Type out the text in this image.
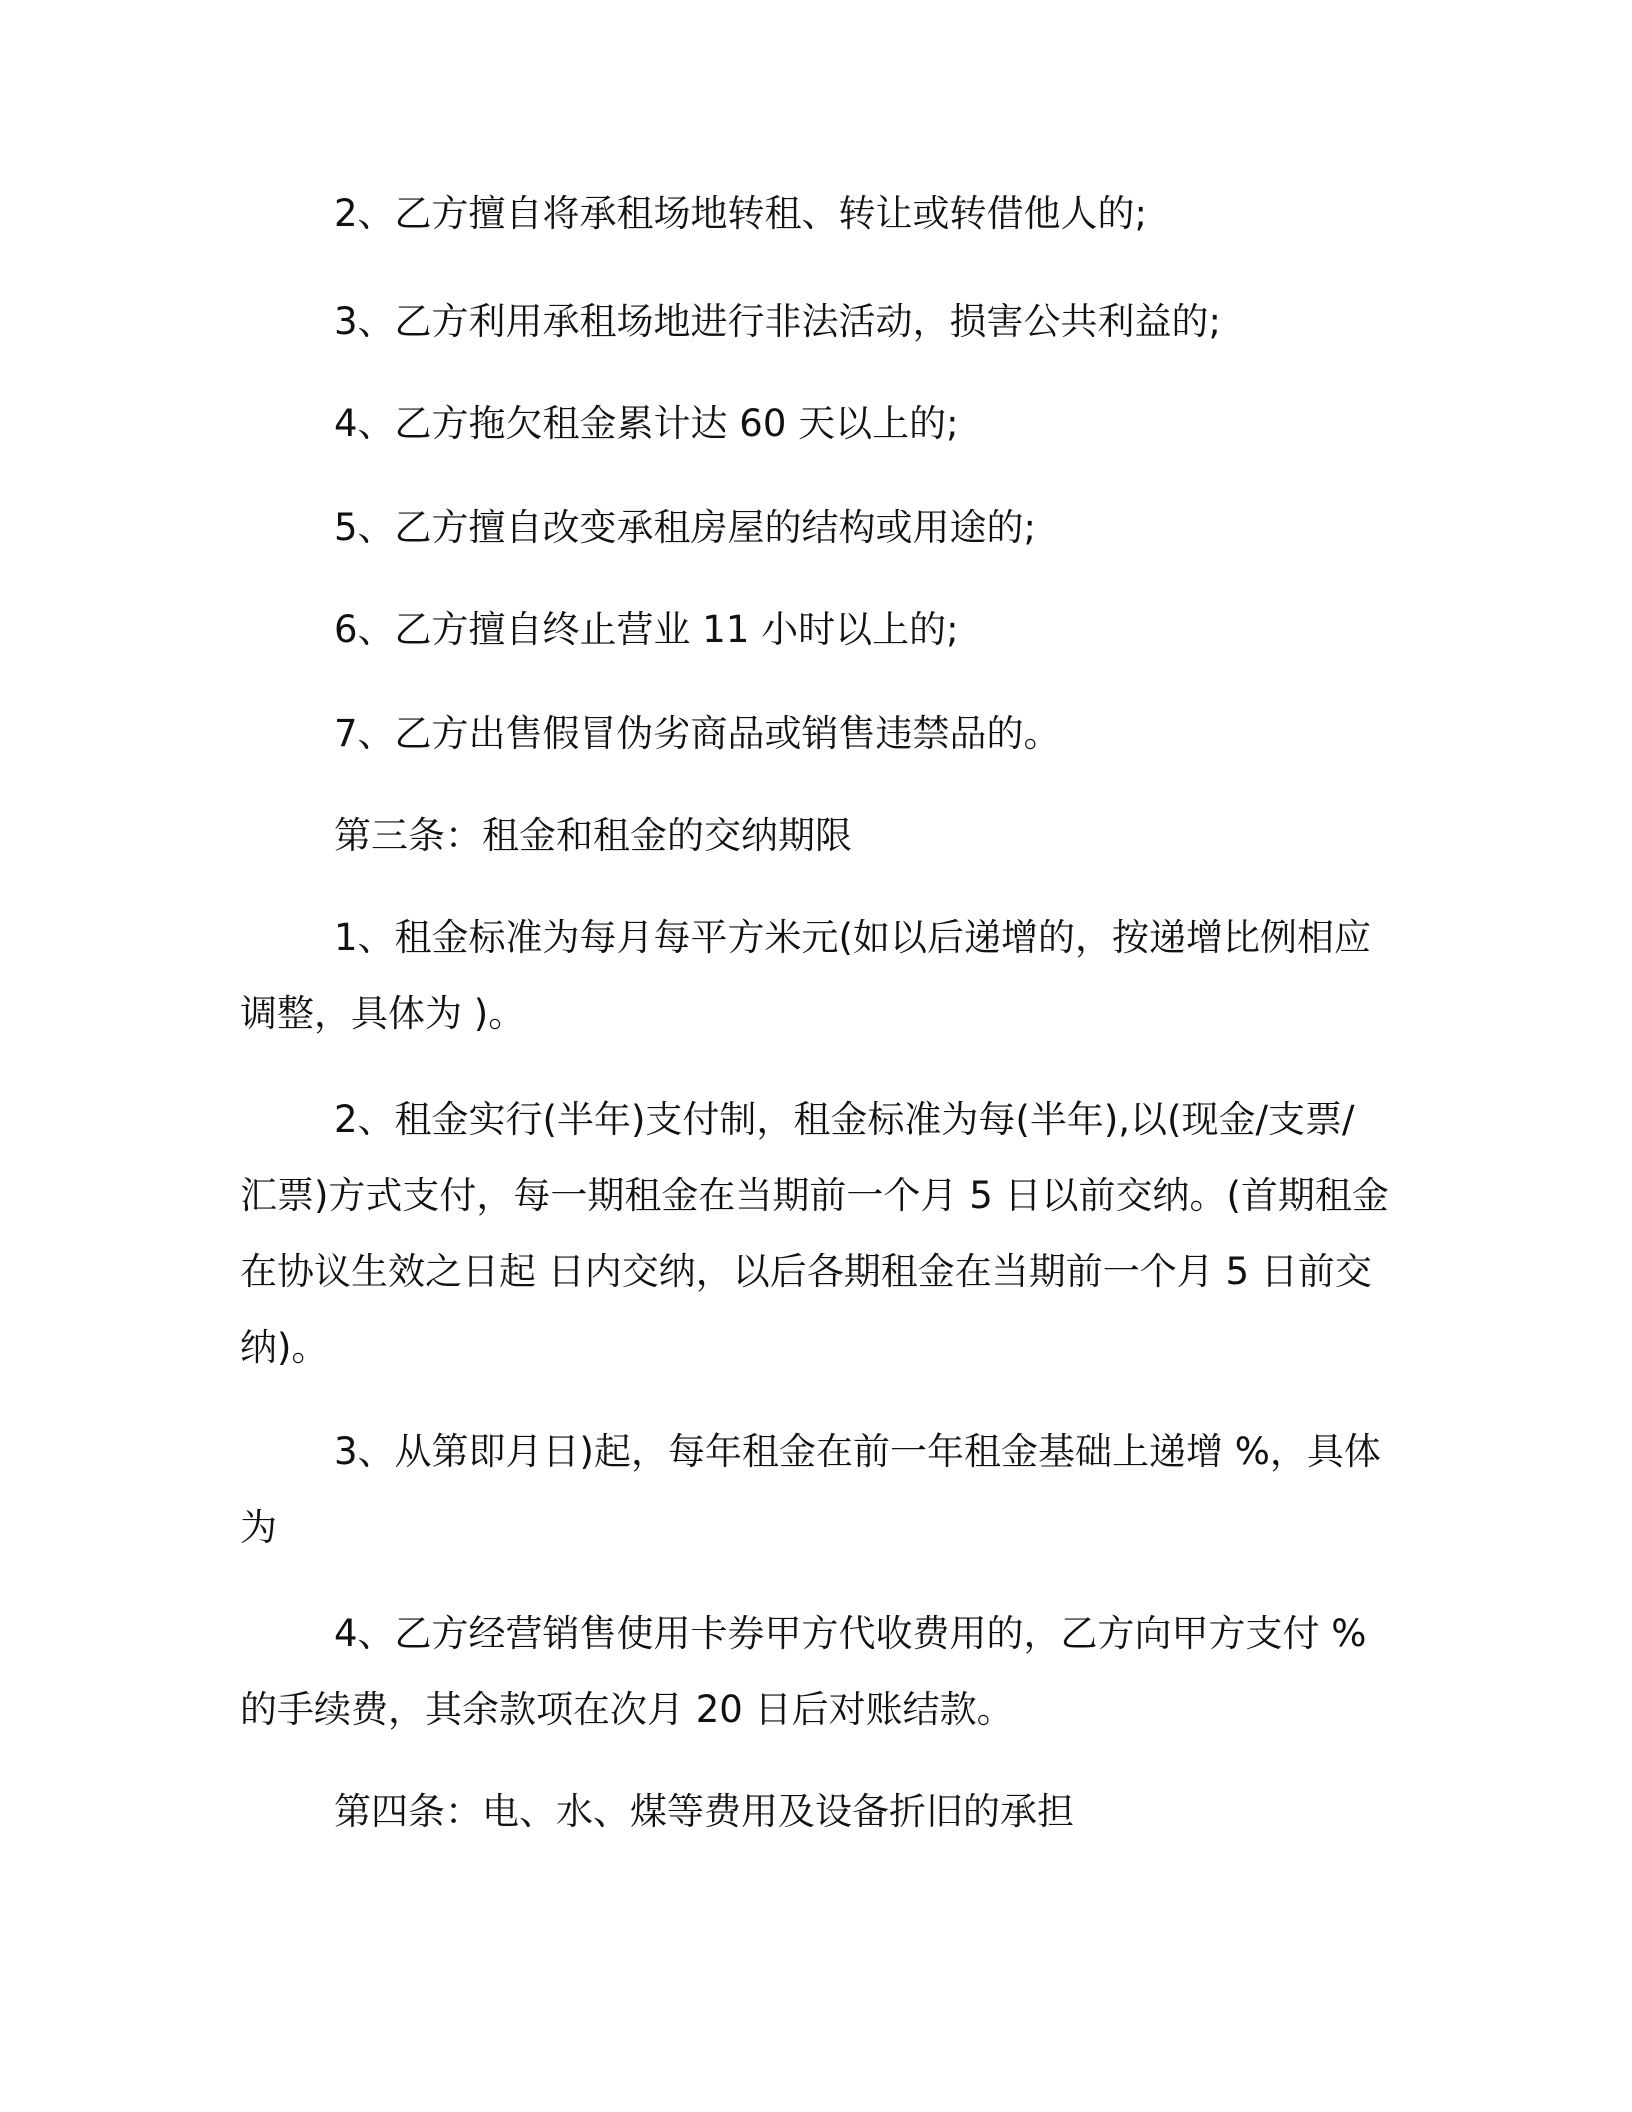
2、乙方擅自将承租场地转租、转让或转借他人的;

3、乙方利用承租场地进行非法活动，损害公共利益的;

4、乙方拖欠租金累计达 60 天以上的;

5、乙方擅自改变承租房屋的结构或用途的;

6、乙方擅自终止营业 11 小时以上的;

7、乙方出售假冒伪劣商品或销售违禁品的。

第三条：租金和租金的交纳期限

1、租金标准为每月每平方米元(如以后递增的，按递增比例相应调整，具体为 )。

2、租金实行(半年)支付制，租金标准为每(半年),以(现金/支票/汇票)方式支付，每一期租金在当期前一个月 5 日以前交纳。(首期租金在协议生效之日起 日内交纳，以后各期租金在当期前一个月 5 日前交纳)。

3、从第即月日)起，每年租金在前一年租金基础上递增 %，具体为

4、乙方经营销售使用卡券甲方代收费用的，乙方向甲方支付 %的手续费，其余款项在次月 20 日后对账结款。

第四条：电、水、煤等费用及设备折旧的承担
